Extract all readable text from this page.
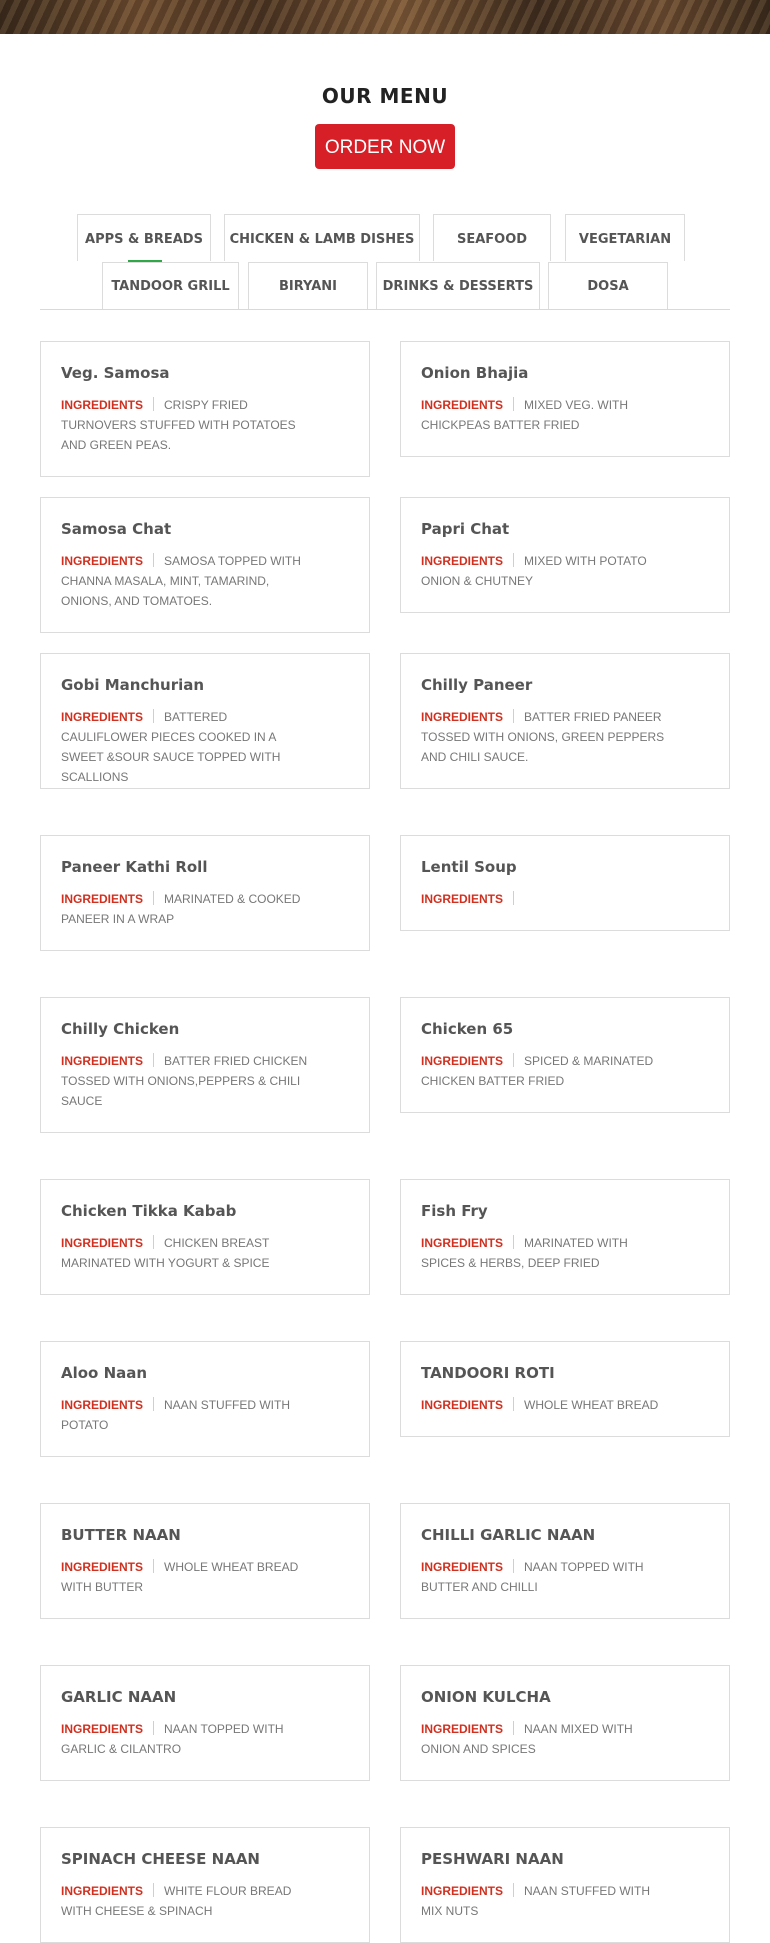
OUR MENU
ORDER NOW
APPS & BREADS	CHICKEN & LAMB DISHES	SEAFOOD	VEGETARIAN
TANDOOR GRILL	BIRYANI	DRINKS & DESSERTS	DOSA
Veg. Samosa

INGREDIENTS CRISPY FRIED TURNOVERS STUFFED WITH POTATOES AND GREEN PEAS.

Onion Bhajia

INGREDIENTS MIXED VEG. WITH CHICKPEAS BATTER FRIED

Samosa Chat

INGREDIENTS SAMOSA TOPPED WITH CHANNA MASALA, MINT, TAMARIND, ONIONS, AND TOMATOES.

Papri Chat

INGREDIENTS MIXED WITH POTATO ONION & CHUTNEY

Gobi Manchurian

INGREDIENTS BATTERED CAULIFLOWER PIECES COOKED IN A SWEET &SOUR SAUCE TOPPED WITH SCALLIONS

Chilly Paneer

INGREDIENTS BATTER FRIED PANEER TOSSED WITH ONIONS, GREEN PEPPERS AND CHILI SAUCE.

Paneer Kathi Roll

INGREDIENTS MARINATED & COOKED PANEER IN A WRAP

Lentil Soup

INGREDIENTS

Chilly Chicken

INGREDIENTS BATTER FRIED CHICKEN TOSSED WITH ONIONS,PEPPERS & CHILI SAUCE

Chicken 65

INGREDIENTS SPICED & MARINATED CHICKEN BATTER FRIED

Chicken Tikka Kabab

INGREDIENTS CHICKEN BREAST MARINATED WITH YOGURT & SPICE

Fish Fry

INGREDIENTS MARINATED WITH SPICES & HERBS, DEEP FRIED

Aloo Naan

INGREDIENTS NAAN STUFFED WITH POTATO

TANDOORI ROTI

INGREDIENTS WHOLE WHEAT BREAD

BUTTER NAAN

INGREDIENTS WHOLE WHEAT BREAD WITH BUTTER

CHILLI GARLIC NAAN

INGREDIENTS NAAN TOPPED WITH BUTTER AND CHILLI

GARLIC NAAN

INGREDIENTS NAAN TOPPED WITH GARLIC & CILANTRO

ONION KULCHA

INGREDIENTS NAAN MIXED WITH ONION AND SPICES

SPINACH CHEESE NAAN

INGREDIENTS WHITE FLOUR BREAD WITH CHEESE & SPINACH

PESHWARI NAAN

INGREDIENTS NAAN STUFFED WITH MIX NUTS
